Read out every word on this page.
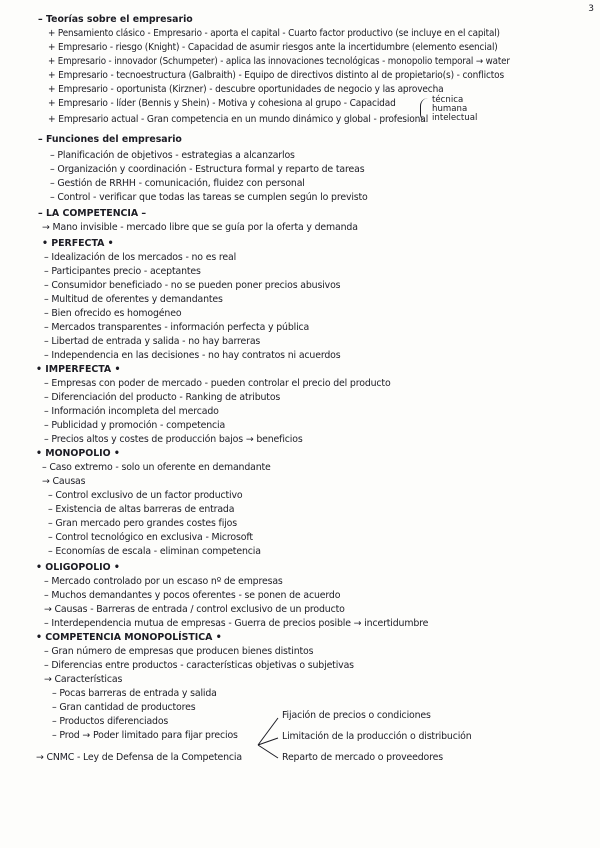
3
– Teorías sobre el empresario
+ Pensamiento clásico - Empresario - aporta el capital - Cuarto factor productivo (se incluye en el capital)
+ Empresario - riesgo (Knight) - Capacidad de asumir riesgos ante la incertidumbre (elemento esencial)
+ Empresario - innovador (Schumpeter) - aplica las innovaciones tecnológicas - monopolio temporal → water
+ Empresario - tecnoestructura (Galbraith) - Equipo de directivos distinto al de propietario(s) - conflictos
+ Empresario - oportunista (Kirzner) - descubre oportunidades de negocio y las aprovecha
+ Empresario - líder (Bennis y Shein) - Motiva y cohesiona al grupo - Capacidad
+ Empresario actual - Gran competencia en un mundo dinámico y global - profesional
– Funciones del empresario
– Planificación de objetivos - estrategias a alcanzarlos
– Organización y coordinación - Estructura formal y reparto de tareas
– Gestión de RRHH - comunicación, fluidez con personal
– Control - verificar que todas las tareas se cumplen según lo previsto
– LA COMPETENCIA –
→ Mano invisible - mercado libre que se guía por la oferta y demanda
• PERFECTA •
– Idealización de los mercados - no es real
– Participantes precio - aceptantes
– Consumidor beneficiado - no se pueden poner precios abusivos
– Multitud de oferentes y demandantes
– Bien ofrecido es homogéneo
– Mercados transparentes - información perfecta y pública
– Libertad de entrada y salida - no hay barreras
– Independencia en las decisiones - no hay contratos ni acuerdos
• IMPERFECTA •
– Empresas con poder de mercado - pueden controlar el precio del producto
– Diferenciación del producto - Ranking de atributos
– Información incompleta del mercado
– Publicidad y promoción - competencia
– Precios altos y costes de producción bajos → beneficios
• MONOPOLIO •
– Caso extremo - solo un oferente en demandante
→ Causas
– Control exclusivo de un factor productivo
– Existencia de altas barreras de entrada
– Gran mercado pero grandes costes fijos
– Control tecnológico en exclusiva - Microsoft
– Economías de escala - eliminan competencia
• OLIGOPOLIO •
– Mercado controlado por un escaso nº de empresas
– Muchos demandantes y pocos oferentes - se ponen de acuerdo
→ Causas - Barreras de entrada / control exclusivo de un producto
– Interdependencia mutua de empresas - Guerra de precios posible → incertidumbre
• COMPETENCIA MONOPOLÍSTICA •
– Gran número de empresas que producen bienes distintos
– Diferencias entre productos - características objetivas o subjetivas
→ Características
– Pocas barreras de entrada y salida
– Gran cantidad de productores
– Productos diferenciados
– Prod → Poder limitado para fijar precios
→ CNMC - Ley de Defensa de la Competencia
técnica
humana
intelectual
Fijación de precios o condiciones
Limitación de la producción o distribución
Reparto de mercado o proveedores
